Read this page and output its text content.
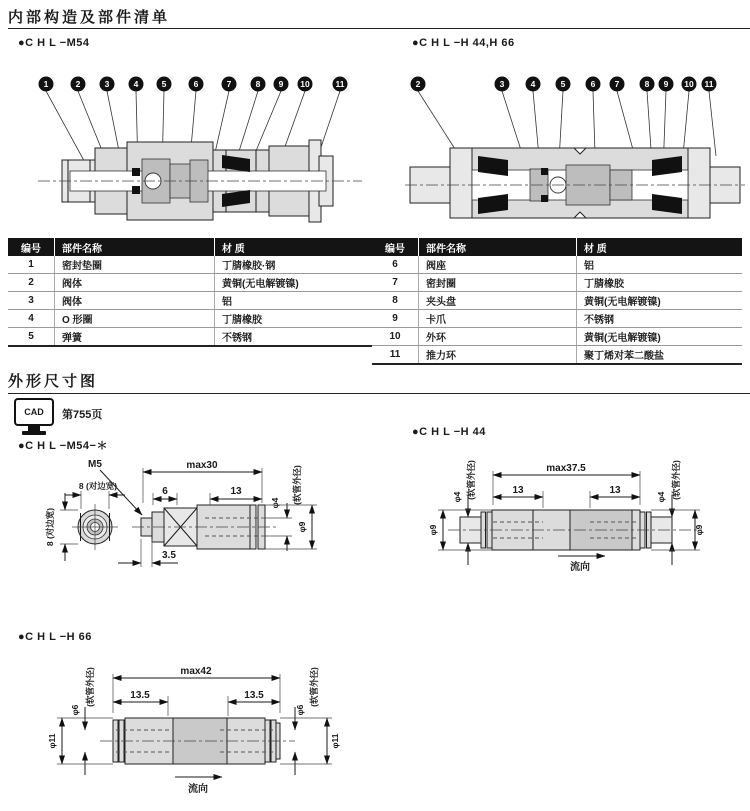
内部构造及部件清单
●C H L −M54	●C H L −H 44,H 66
1	2	3	4	5	6	7	8 9 10	11	2	3	4	5	6 7	8 9 10 11
编号	部件名称	材 质
1	密封垫圈	丁腈橡胶·钢
2	阀体	黄铜(无电解镀镍)
3	阀体	铝
4	O 形圈	丁腈橡胶
5	弹簧	不锈钢
编号	部件名称	材 质
6	阀座	铝
7	密封圈	丁腈橡胶
8	夹头盘	黄铜(无电解镀镍)
9	卡爪	不锈钢
10	外环	黄铜(无电解镀镍)
11	推力环	聚丁烯对苯二酸盐
外形尺寸图
CAD 第755页
●C H L −M54−＊
8 (对边宽)
8 (对边宽)
M5	max30
6	13
3.5
φ4 (软管外径)
φ9
●C H L −H 44
max37.5
13	13
φ4 (软管外径)
φ9
φ4 (软管外径)
φ9
流向
●C H L −H 66
max42
13.5	13.5
φ6
(软管外径)
φ11
φ6
(软管外径)
φ11
流向
